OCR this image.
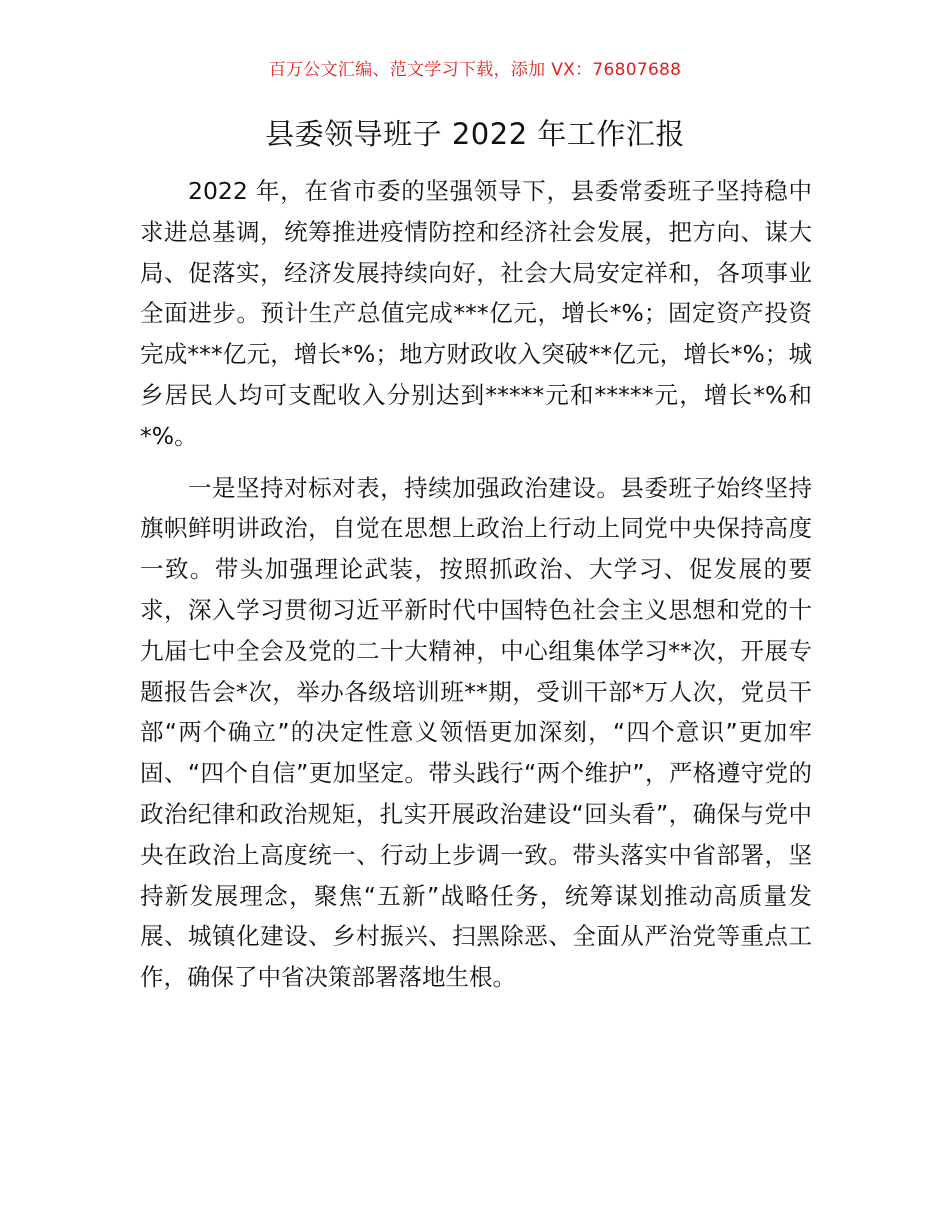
百万公文汇编、范文学习下载，添加 VX：76807688
县委领导班子 2022 年工作汇报

2022 年，在省市委的坚强领导下，县委常委班子坚持稳中求进总基调，统筹推进疫情防控和经济社会发展，把方向、谋大局、促落实，经济发展持续向好，社会大局安定祥和，各项事业全面进步。预计生产总值完成***亿元，增长*%；固定资产投资完成***亿元，增长*%；地方财政收入突破**亿元，增长*%；城乡居民人均可支配收入分别达到*****元和*****元，增长*%和*%。

一是坚持对标对表，持续加强政治建设。县委班子始终坚持旗帜鲜明讲政治，自觉在思想上政治上行动上同党中央保持高度一致。带头加强理论武装，按照抓政治、大学习、促发展的要求，深入学习贯彻习近平新时代中国特色社会主义思想和党的十九届七中全会及党的二十大精神，中心组集体学习**次，开展专题报告会*次，举办各级培训班**期，受训干部*万人次，党员干部“两个确立”的决定性意义领悟更加深刻，“四个意识”更加牢固、“四个自信”更加坚定。带头践行“两个维护”，严格遵守党的政治纪律和政治规矩，扎实开展政治建设“回头看”，确保与党中央在政治上高度统一、行动上步调一致。带头落实中省部署，坚持新发展理念，聚焦“五新”战略任务，统筹谋划推动高质量发展、城镇化建设、乡村振兴、扫黑除恶、全面从严治党等重点工作，确保了中省决策部署落地生根。
